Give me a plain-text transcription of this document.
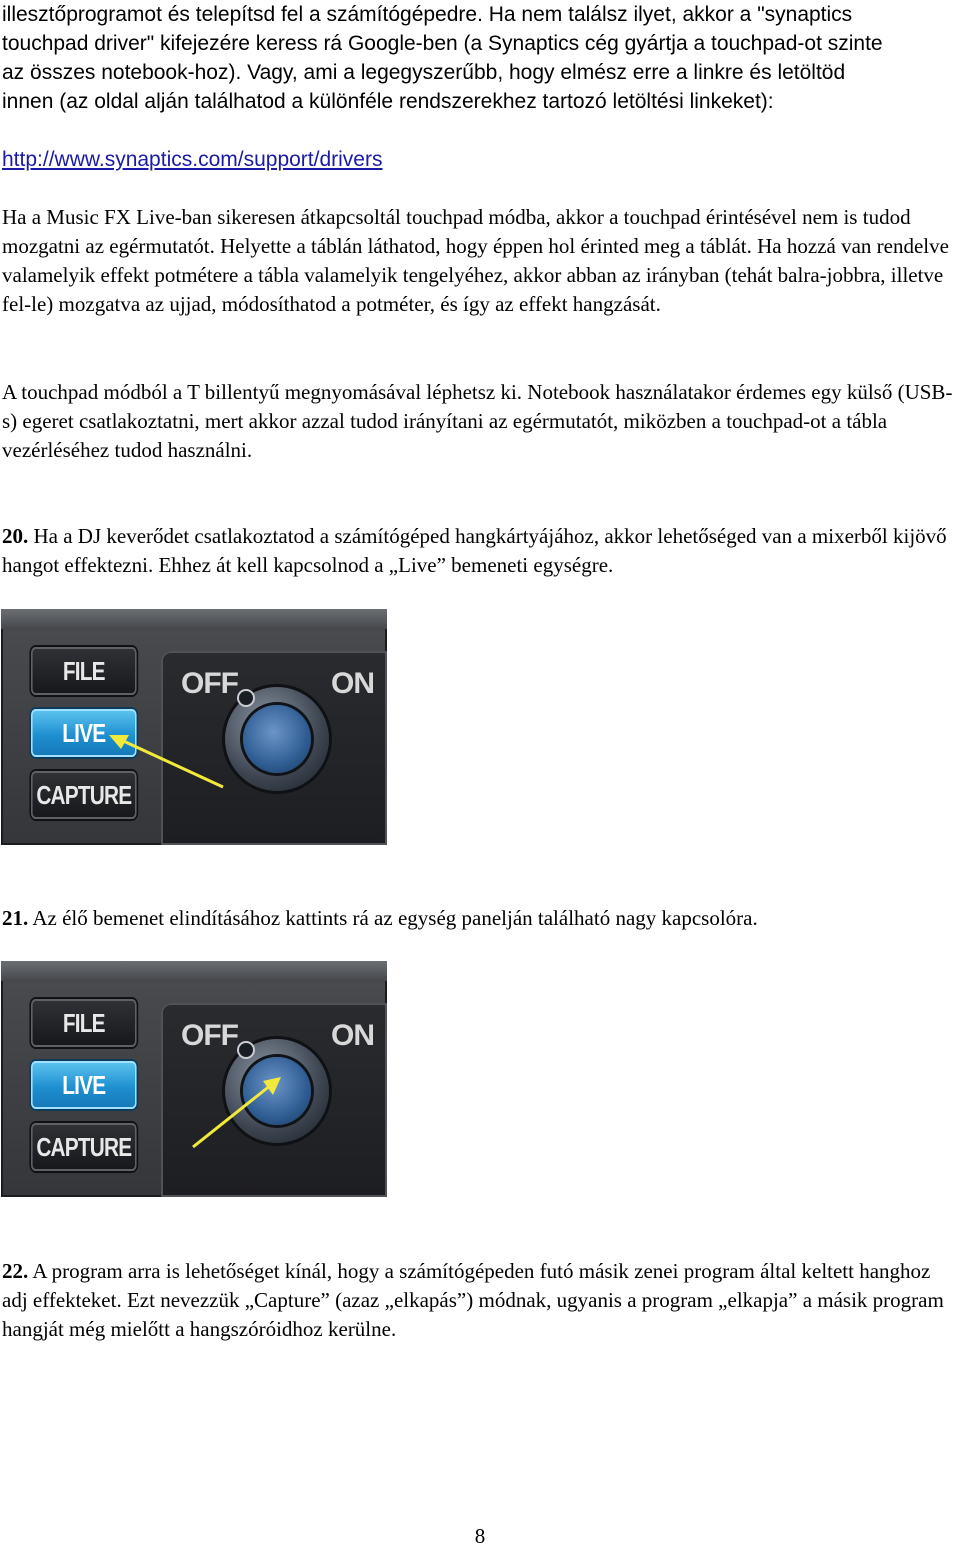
illesztőprogramot és telepítsd fel a számítógépedre. Ha nem találsz ilyet, akkor a "synaptics
touchpad driver" kifejezére keress rá Google-ben (a Synaptics cég gyártja a touchpad-ot szinte
az összes notebook-hoz). Vagy, ami a legegyszerűbb, hogy elmész erre a linkre és letöltöd
innen (az oldal alján találhatod a különféle rendszerekhez tartozó letöltési linkeket):
http://www.synaptics.com/support/drivers

Ha a Music FX Live-ban sikeresen átkapcsoltál touchpad módba, akkor a touchpad érintésével nem is tudod mozgatni az egérmutatót. Helyette a táblán láthatod, hogy éppen hol érinted meg a táblát. Ha hozzá van rendelve valamelyik effekt potmétere a tábla valamelyik tengelyéhez, akkor abban az irányban (tehát balra-jobbra, illetve fel-le) mozgatva az ujjad, módosíthatod a potméter, és így az effekt hangzását.

A touchpad módból a T billentyű megnyomásával léphetsz ki. Notebook használatakor érdemes egy külső (USB-s) egeret csatlakoztatni, mert akkor azzal tudod irányítani az egérmutatót, miközben a touchpad-ot a tábla vezérléséhez tudod használni.

20. Ha a DJ keverődet csatlakoztatod a számítógéped hangkártyájához, akkor lehetőséged van a mixerből kijövő hangot effektezni. Ehhez át kell kapcsolnod a „Live” bemeneti egységre.

FILE
LIVE
CAPTURE
OFF	ON

21. Az élő bemenet elindításához kattints rá az egység panelján található nagy kapcsolóra.

FILE
LIVE
CAPTURE
OFF	ON

22. A program arra is lehetőséget kínál, hogy a számítógépeden futó másik zenei program által keltett hanghoz adj effekteket. Ezt nevezzük „Capture” (azaz „elkapás”) módnak, ugyanis a program „elkapja” a másik program hangját még mielőtt a hangszóróidhoz kerülne.

8
